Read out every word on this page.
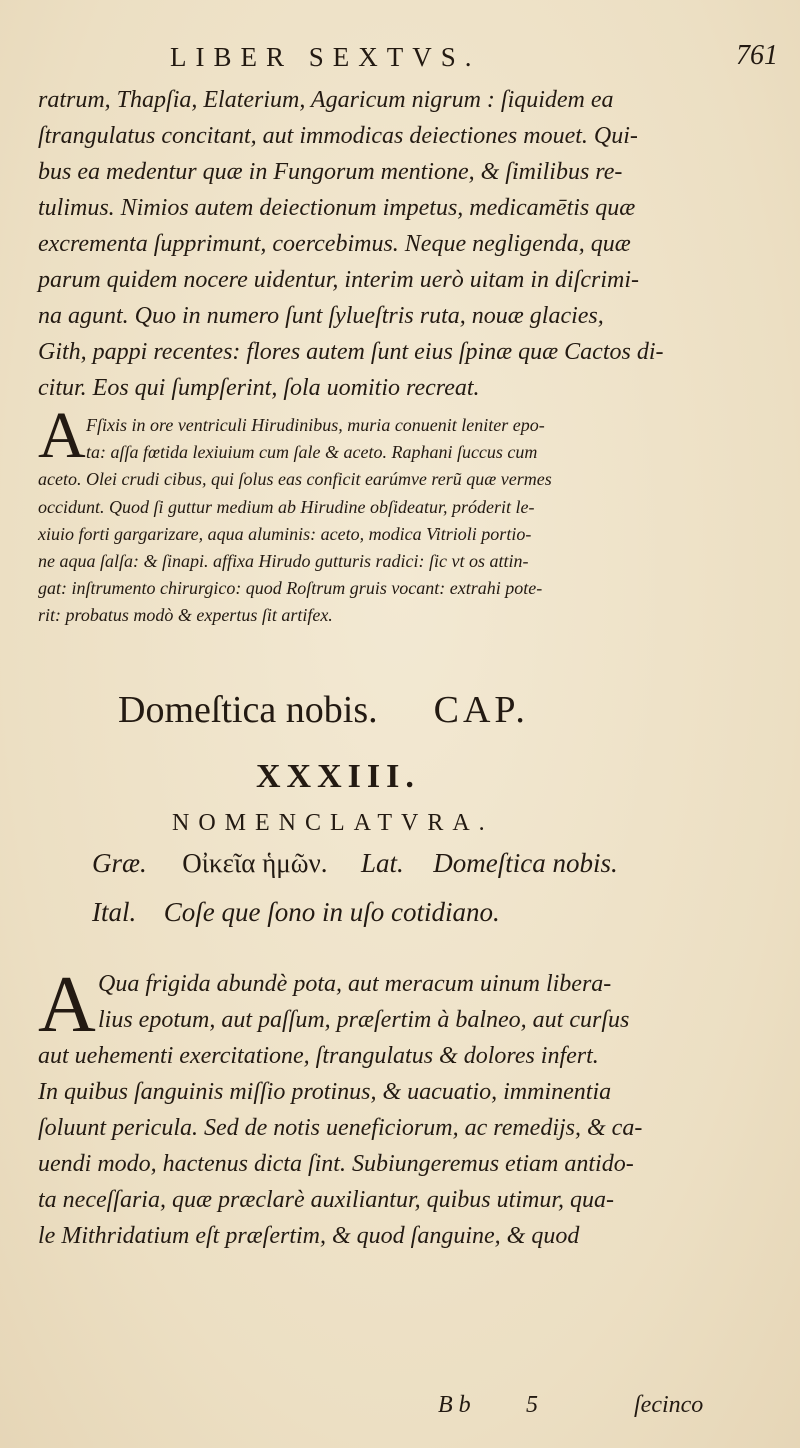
LIBER SEXTVS.	761
ratrum, Thapſia, Elaterium, Agaricum nigrum : ſiquidem ea
ſtrangulatus concitant, aut immodicas deiectiones mouet. Qui-
bus ea medentur quæ in Fungorum mentione, & ſimilibus re-
tulimus. Nimios autem deiectionum impetus, medicamētis quæ
excrementa ſupprimunt, coercebimus. Neque negligenda, quæ
parum quidem nocere uidentur, interim uerò uitam in diſcrimi-
na agunt. Quo in numero ſunt ſylueſtris ruta, nouæ glacies,
Gith, pappi recentes: flores autem ſunt eius ſpinæ quæ Cactos di-
citur. Eos qui ſumpſerint, ſola uomitio recreat.
A Fſixis in ore ventriculi Hirudinibus, muria conuenit leniter epo-
ta: aſſa fœtida lexiuium cum ſale & aceto. Raphani ſuccus cum
aceto. Olei crudi cibus, qui ſolus eas conficit earúmve rerũ quæ vermes
occidunt. Quod ſi guttur medium ab Hirudine obſideatur, próderit le-
xiuio forti gargarizare, aqua aluminis: aceto, modica Vitrioli portio-
ne aqua ſalſa: & ſinapi. affixa Hirudo gutturis radici: ſic vt os attin-
gat: inſtrumento chirurgico: quod Roſtrum gruis vocant: extrahi pote-
rit: probatus modò & expertus ſit artifex.
Domeſtica nobis. CAP.
XXXIII.
NOMENCLATVRA.
Græ. Οἰκεῖα ἡμῶν. Lat. Domeſtica nobis.
Ital. Coſe que ſono in uſo cotidiano.
A Qua frigida abundè pota, aut meracum uinum libera-
lius epotum, aut paſſum, præſertim à balneo, aut curſus
aut uehementi exercitatione, ſtrangulatus & dolores infert.
In quibus ſanguinis miſſio protinus, & uacuatio, imminentia
ſoluunt pericula. Sed de notis ueneficiorum, ac remedijs, & ca-
uendi modo, hactenus dicta ſint. Subiungeremus etiam antido-
ta neceſſaria, quæ præclarè auxiliantur, quibus utimur, qua-
le Mithridatium eſt præſertim, & quod ſanguine, & quod
B b 5	ſecinco
